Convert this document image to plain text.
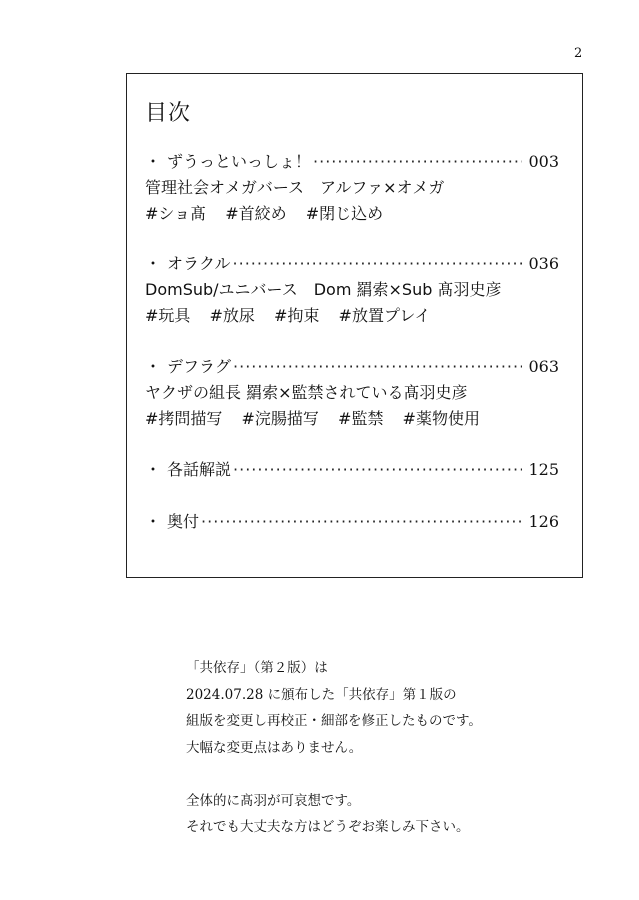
2
目次
・ ずうっといっしょ！ ·····	003
管理社会オメガバース　アルファ×オメガ
#ショ髙 #首絞め #閉じ込め
・ オラクル ·····	036
DomSub/ユニバース　Dom 羂索×Sub 髙羽史彦
#玩具 #放尿 #拘束 #放置プレイ
・ デフラグ ·····	063
ヤクザの組長 羂索×監禁されている髙羽史彦
#拷問描写 #浣腸描写 #監禁 #薬物使用
・ 各話解説 ·····	125
・ 奥付 ·····	126
「共依存」（第２版）は
2024.07.28 に頒布した「共依存」第１版の
組版を変更し再校正・細部を修正したものです。
大幅な変更点はありません。
全体的に髙羽が可哀想です。
それでも大丈夫な方はどうぞお楽しみ下さい。
